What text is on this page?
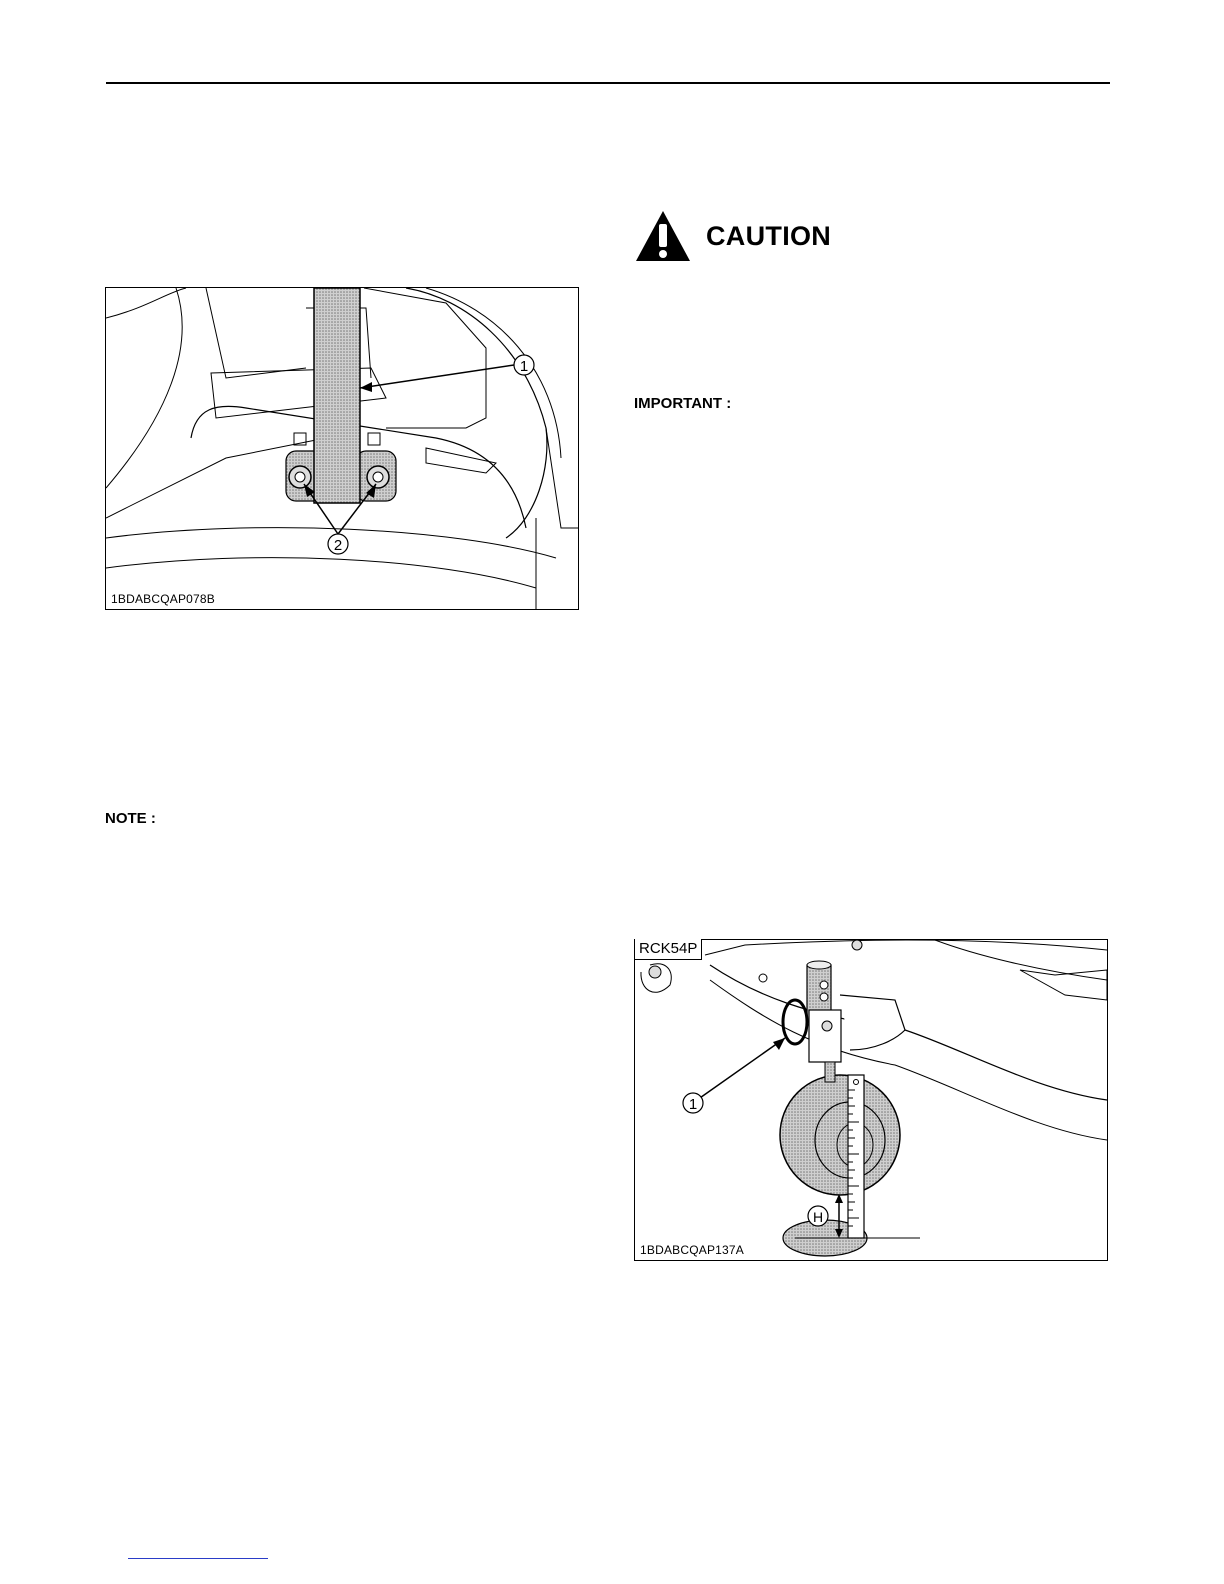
1
2
1BDABCQAP078B
CAUTION
IMPORTANT :
NOTE :
1
H
1BDABCQAP137A
RCK54P
